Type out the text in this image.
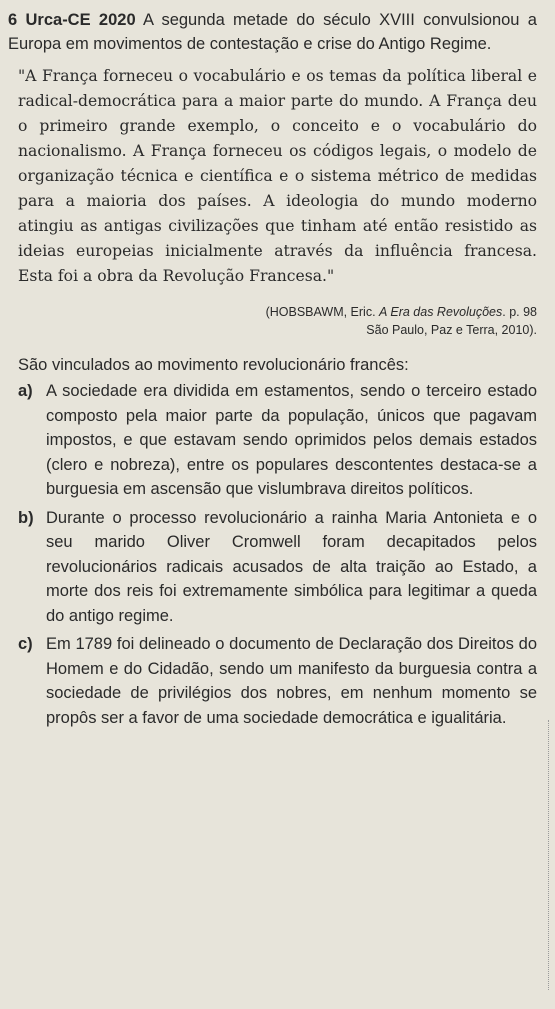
6 Urca-CE 2020 A segunda metade do século XVIII convulsionou a Europa em movimentos de contestação e crise do Antigo Regime.
"A França forneceu o vocabulário e os temas da política liberal e radical-democrática para a maior parte do mundo. A França deu o primeiro grande exemplo, o conceito e o vocabulário do nacionalismo. A França forneceu os códigos legais, o modelo de organização técnica e científica e o sistema métrico de medidas para a maioria dos países. A ideologia do mundo moderno atingiu as antigas civilizações que tinham até então resistido as ideias europeias inicialmente através da influência francesa. Esta foi a obra da Revolução Francesa."
(HOBSBAWM, Eric. A Era das Revoluções. p. 98
São Paulo, Paz e Terra, 2010).
São vinculados ao movimento revolucionário francês:
a) A sociedade era dividida em estamentos, sendo o terceiro estado composto pela maior parte da população, únicos que pagavam impostos, e que estavam sendo oprimidos pelos demais estados (clero e nobreza), entre os populares descontentes destaca-se a burguesia em ascensão que vislumbrava direitos políticos.
b) Durante o processo revolucionário a rainha Maria Antonieta e o seu marido Oliver Cromwell foram decapitados pelos revolucionários radicais acusados de alta traição ao Estado, a morte dos reis foi extremamente simbólica para legitimar a queda do antigo regime.
c) Em 1789 foi delineado o documento de Declaração dos Direitos do Homem e do Cidadão, sendo um manifesto da burguesia contra a sociedade de privilégios dos nobres, em nenhum momento se propôs ser a favor de uma sociedade democrática e igualitária.
